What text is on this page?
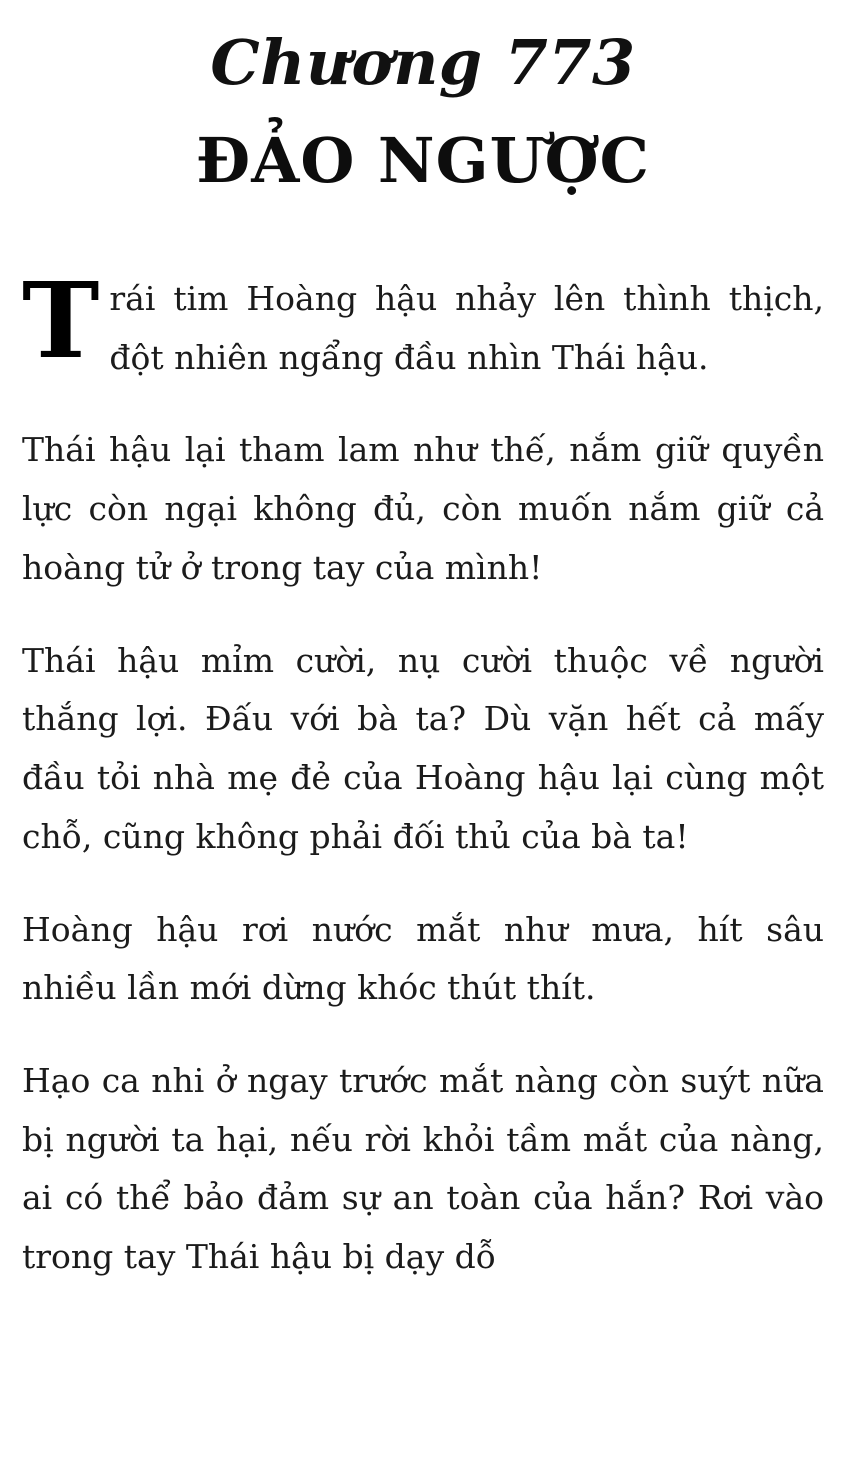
Chương 773
ĐẢO NGƯỢC

Trái tim Hoàng hậu nhảy lên thình thịch, đột nhiên ngẩng đầu nhìn Thái hậu.

Thái hậu lại tham lam như thế, nắm giữ quyền lực còn ngại không đủ, còn muốn nắm giữ cả hoàng tử ở trong tay của mình!

Thái hậu mỉm cười, nụ cười thuộc về người thắng lợi. Đấu với bà ta? Dù vặn hết cả mấy đầu tỏi nhà mẹ đẻ của Hoàng hậu lại cùng một chỗ, cũng không phải đối thủ của bà ta!

Hoàng hậu rơi nước mắt như mưa, hít sâu nhiều lần mới dừng khóc thút thít.

Hạo ca nhi ở ngay trước mắt nàng còn suýt nữa bị người ta hại, nếu rời khỏi tầm mắt của nàng, ai có thể bảo đảm sự an toàn của hắn? Rơi vào trong tay Thái hậu bị dạy dỗ
